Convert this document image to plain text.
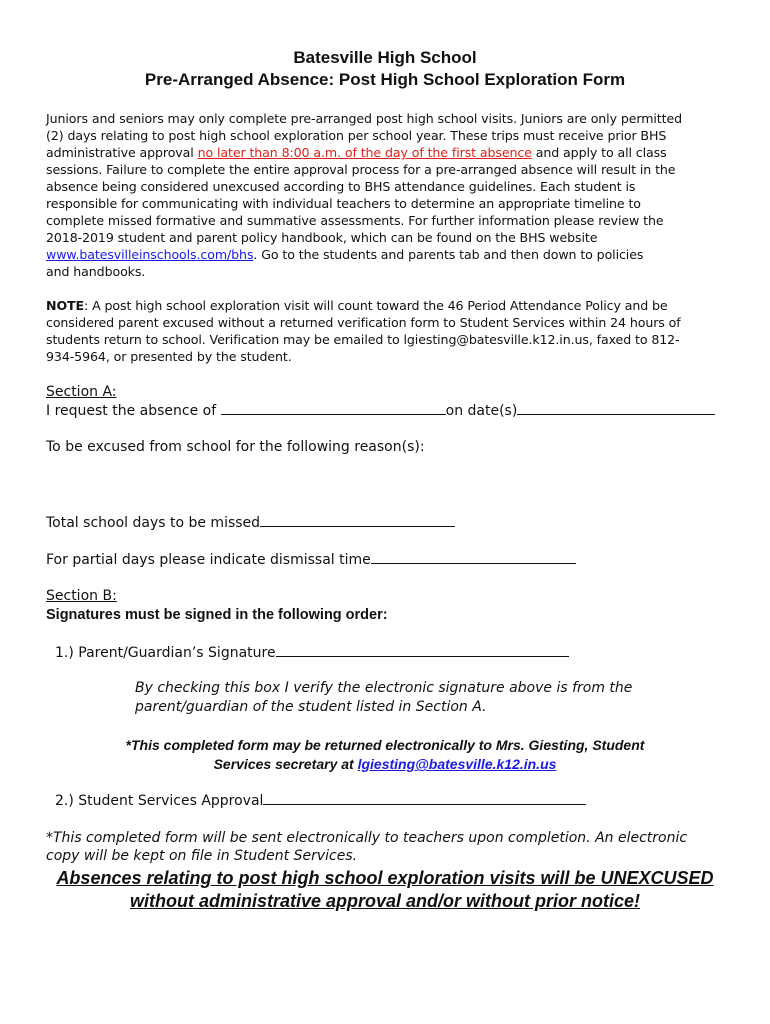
Batesville High School
Pre-Arranged Absence: Post High School Exploration Form
Juniors and seniors may only complete pre-arranged post high school visits. Juniors are only permitted
(2) days relating to post high school exploration per school year. These trips must receive prior BHS
administrative approval no later than 8:00 a.m. of the day of the first absence and apply to all class
sessions. Failure to complete the entire approval process for a pre-arranged absence will result in the
absence being considered unexcused according to BHS attendance guidelines. Each student is
responsible for communicating with individual teachers to determine an appropriate timeline to
complete missed formative and summative assessments. For further information please review the
2018-2019 student and parent policy handbook, which can be found on the BHS website
www.batesvilleinschools.com/bhs. Go to the students and parents tab and then down to policies
and handbooks.
NOTE: A post high school exploration visit will count toward the 46 Period Attendance Policy and be
considered parent excused without a returned verification form to Student Services within 24 hours of
students return to school. Verification may be emailed to lgiesting@batesville.k12.in.us, faxed to 812-
934-5964, or presented by the student.
Section A:
I request the absence of	on date(s)
To be excused from school for the following reason(s):
Total school days to be missed
For partial days please indicate dismissal time
Section B:
Signatures must be signed in the following order:
1.) Parent/Guardian’s Signature
By checking this box I verify the electronic signature above is from the
parent/guardian of the student listed in Section A.
*This completed form may be returned electronically to Mrs. Giesting, Student
Services secretary at lgiesting@batesville.k12.in.us
2.) Student Services Approval
*This completed form will be sent electronically to teachers upon completion. An electronic
copy will be kept on file in Student Services.
Absences relating to post high school exploration visits will be UNEXCUSED
without administrative approval and/or without prior notice!
